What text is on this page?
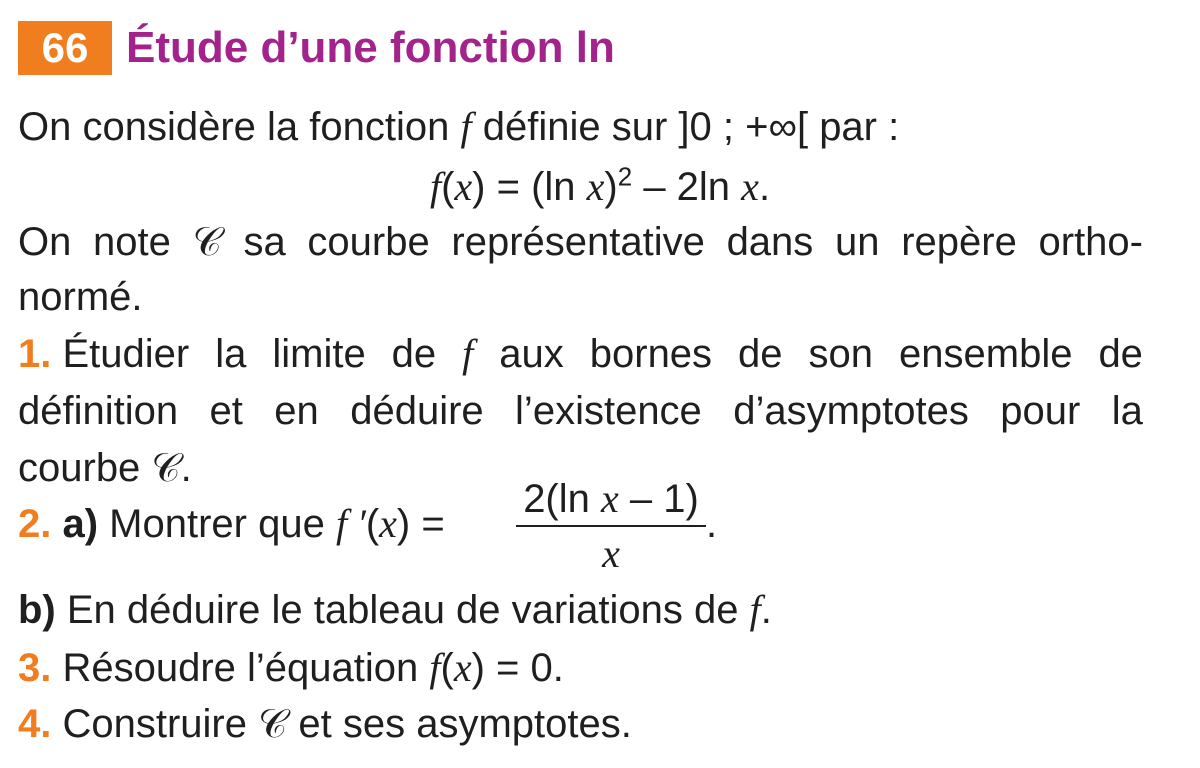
66 Étude d’une fonction ln
On considère la fonction f définie sur ]0 ; +∞[ par :
f(x) = (ln x)$^2$ – 2ln x.
On note 𝒞 sa courbe représentative dans un repère ortho-
normé.
1. Étudier la limite de f aux bornes de son ensemble de
définition et en déduire l’existence d’asymptotes pour la
courbe 𝒞.
2. a) Montrer que f ′(x) =
2(ln x – 1)
x
.
b) En déduire le tableau de variations de f.
3. Résoudre l’équation f(x) = 0.
4. Construire 𝒞 et ses asymptotes.
